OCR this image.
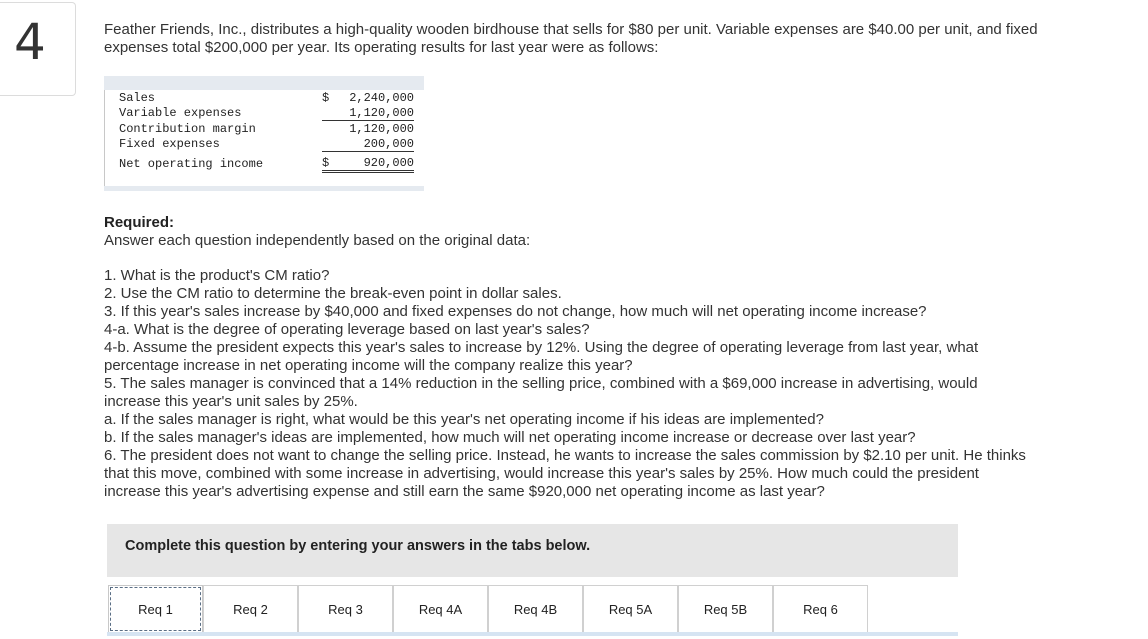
4	Feather Friends, Inc., distributes a high-quality wooden birdhouse that sells for $80 per unit. Variable expenses are $40.00 per unit, and fixed expenses total $200,000 per year. Its operating results for last year were as follows:
Sales	$ 2,240,000

Variable expenses	1,120,000
Contribution margin	1,120,000
Fixed expenses	200,000
Net operating income	$ 920,000
Required:
Answer each question independently based on the original data:

1. What is the product's CM ratio?

2. Use the CM ratio to determine the break-even point in dollar sales.

3. If this year's sales increase by $40,000 and fixed expenses do not change, how much will net operating income increase?

4-a. What is the degree of operating leverage based on last year's sales?

4-b. Assume the president expects this year's sales to increase by 12%. Using the degree of operating leverage from last year, what percentage increase in net operating income will the company realize this year?

5. The sales manager is convinced that a 14% reduction in the selling price, combined with a $69,000 increase in advertising, would increase this year's unit sales by 25%.

a. If the sales manager is right, what would be this year's net operating income if his ideas are implemented?

b. If the sales manager's ideas are implemented, how much will net operating income increase or decrease over last year?

6. The president does not want to change the selling price. Instead, he wants to increase the sales commission by $2.10 per unit. He thinks that this move, combined with some increase in advertising, would increase this year's sales by 25%. How much could the president increase this year's advertising expense and still earn the same $920,000 net operating income as last year?

Complete this question by entering your answers in the tabs below.
Req 1	Req 2	Req 3	Req 4A	Req 4B	Req 5A	Req 5B	Req 6
